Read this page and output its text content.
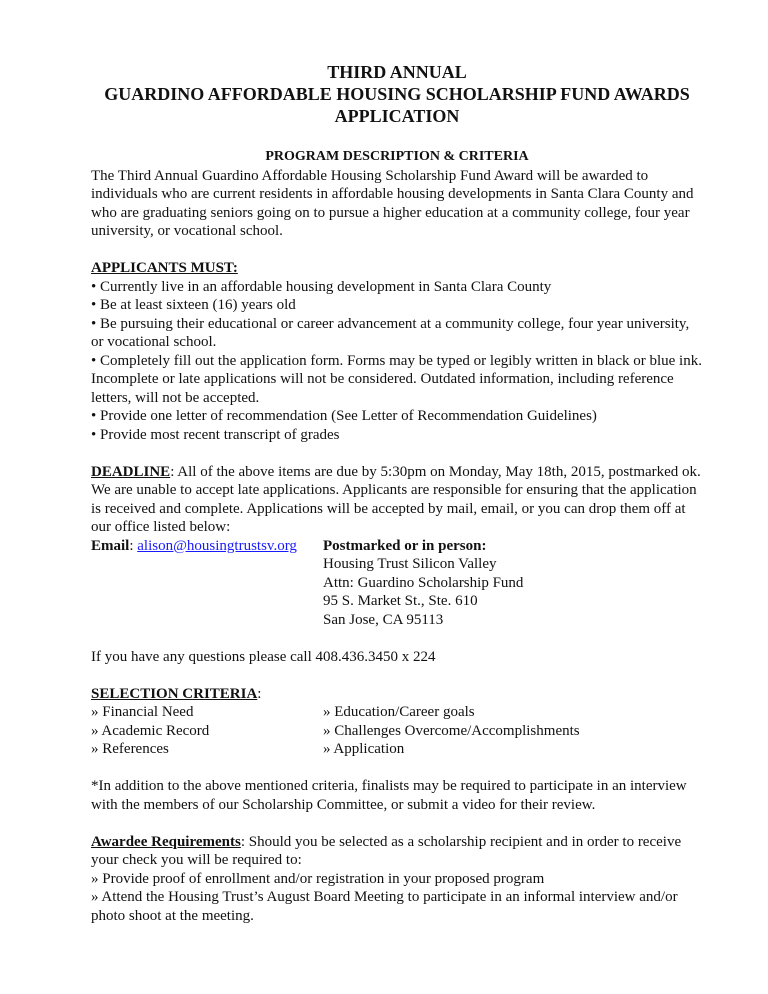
THIRD ANNUAL
GUARDINO AFFORDABLE HOUSING SCHOLARSHIP FUND AWARDS
APPLICATION
PROGRAM DESCRIPTION & CRITERIA

The Third Annual Guardino Affordable Housing Scholarship Fund Award will be awarded to individuals who are current residents in affordable housing developments in Santa Clara County and who are graduating seniors going on to pursue a higher education at a community college, four year university, or vocational school.

APPLICANTS MUST:

• Currently live in an affordable housing development in Santa Clara County

• Be at least sixteen (16) years old

• Be pursuing their educational or career advancement at a community college, four year university, or vocational school.

• Completely fill out the application form. Forms may be typed or legibly written in black or blue ink. Incomplete or late applications will not be considered. Outdated information, including reference letters, will not be accepted.

• Provide one letter of recommendation (See Letter of Recommendation Guidelines)

• Provide most recent transcript of grades

DEADLINE: All of the above items are due by 5:30pm on Monday, May 18th, 2015, postmarked ok. We are unable to accept late applications. Applicants are responsible for ensuring that the application is received and complete. Applications will be accepted by mail, email, or you can drop them off at our office listed below:

Email: alison@housingtrustsv.org	Postmarked or in person:
Housing Trust Silicon Valley
Attn: Guardino Scholarship Fund
95 S. Market St., Ste. 610
San Jose, CA 95113

If you have any questions please call 408.436.3450 x 224

SELECTION CRITERIA:

» Financial Need
» Academic Record
» References
» Education/Career goals
» Challenges Overcome/Accomplishments
» Application

*In addition to the above mentioned criteria, finalists may be required to participate in an interview with the members of our Scholarship Committee, or submit a video for their review.

Awardee Requirements: Should you be selected as a scholarship recipient and in order to receive your check you will be required to:

» Provide proof of enrollment and/or registration in your proposed program

» Attend the Housing Trust’s August Board Meeting to participate in an informal interview and/or photo shoot at the meeting.
